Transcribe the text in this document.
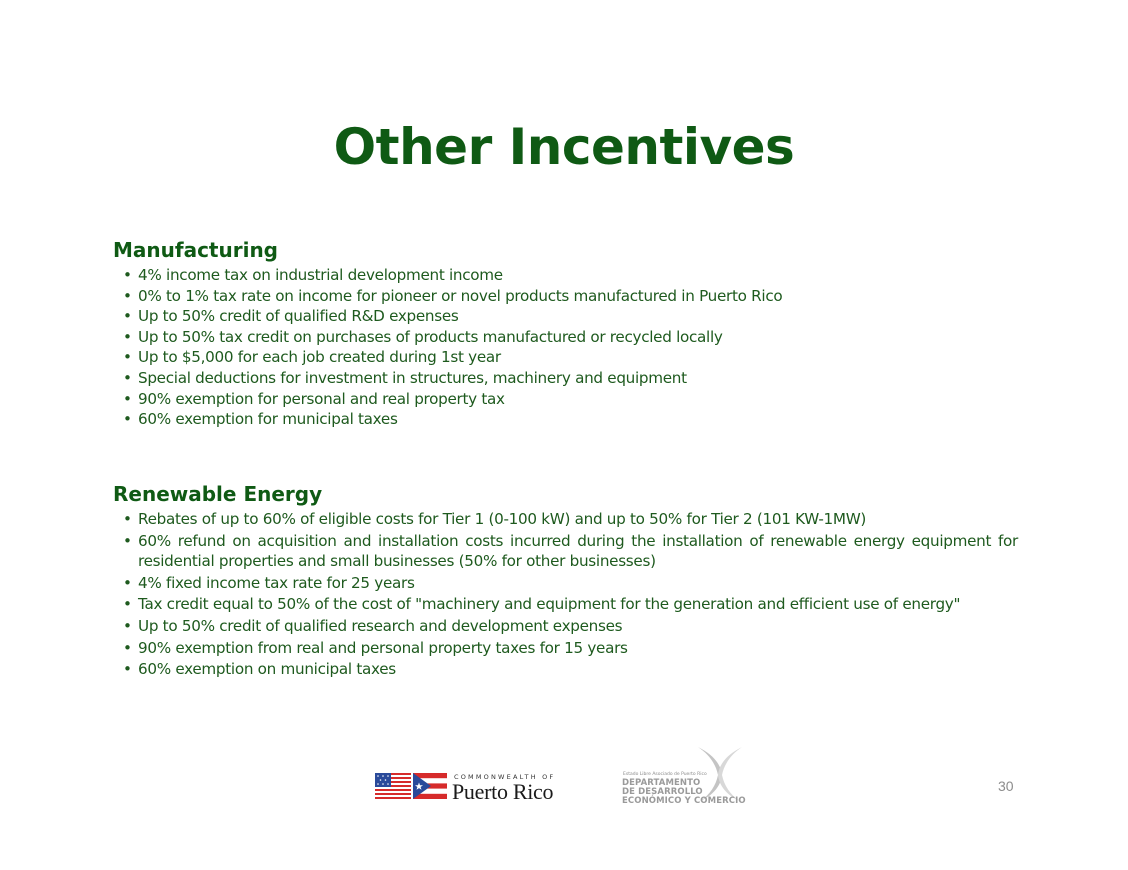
Other Incentives
Manufacturing
• 4% income tax on industrial development income
• 0% to 1% tax rate on income for pioneer or novel products manufactured in Puerto Rico
• Up to 50% credit of qualified R&D expenses
• Up to 50% tax credit on purchases of products manufactured or recycled locally
• Up to $5,000 for each job created during 1st year
• Special deductions for investment in structures, machinery and equipment
• 90% exemption for personal and real property tax
• 60% exemption for municipal taxes
Renewable Energy
• Rebates of up to 60% of eligible costs for Tier 1 (0-100 kW) and up to 50% for Tier 2 (101 KW-1MW)
• 60% refund on acquisition and installation costs incurred during the installation of renewable energy equipment for residential properties and small businesses (50% for other businesses)
• 4% fixed income tax rate for 25 years
• Tax credit equal to 50% of the cost of "machinery and equipment for the generation and efficient use of energy"
• Up to 50% credit of qualified research and development expenses
• 90% exemption from real and personal property taxes for 15 years
• 60% exemption on municipal taxes
COMMONWEALTH OF
Puerto Rico
Estado Libre Asociado de Puerto Rico
DEPARTAMENTO
DE DESARROLLO
ECONÓMICO Y COMERCIO
30
